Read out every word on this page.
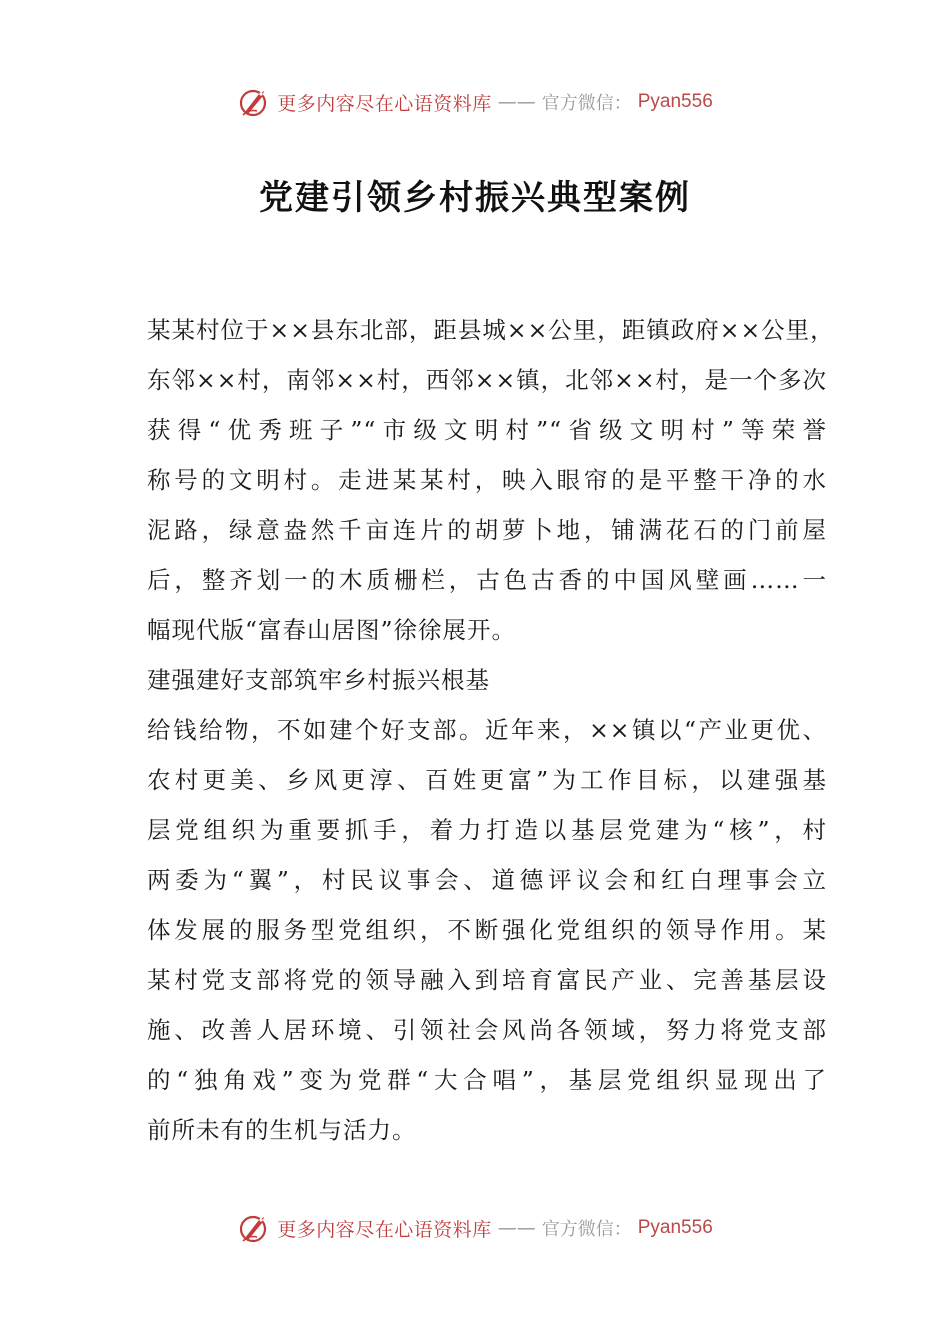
更多内容尽在心语资料库 —— 官方微信： Pyan556
党建引领乡村振兴典型案例
某某村位于××县东北部，距县城××公里，距镇政府××公里，
东邻××村，南邻××村，西邻××镇，北邻××村，是一个多次
获得“优秀班子”“市级文明村”“省级文明村”等荣誉
称号的文明村。走进某某村，映入眼帘的是平整干净的水
泥路，绿意盎然千亩连片的胡萝卜地，铺满花石的门前屋
后，整齐划一的木质栅栏，古色古香的中国风壁画……一
幅现代版“富春山居图”徐徐展开。
建强建好支部筑牢乡村振兴根基
给钱给物，不如建个好支部。近年来，××镇以“产业更优、
农村更美、乡风更淳、百姓更富”为工作目标，以建强基
层党组织为重要抓手，着力打造以基层党建为“核”，村
两委为“翼”，村民议事会、道德评议会和红白理事会立
体发展的服务型党组织，不断强化党组织的领导作用。某
某村党支部将党的领导融入到培育富民产业、完善基层设
施、改善人居环境、引领社会风尚各领域，努力将党支部
的“独角戏”变为党群“大合唱”，基层党组织显现出了
前所未有的生机与活力。
更多内容尽在心语资料库 —— 官方微信： Pyan556
